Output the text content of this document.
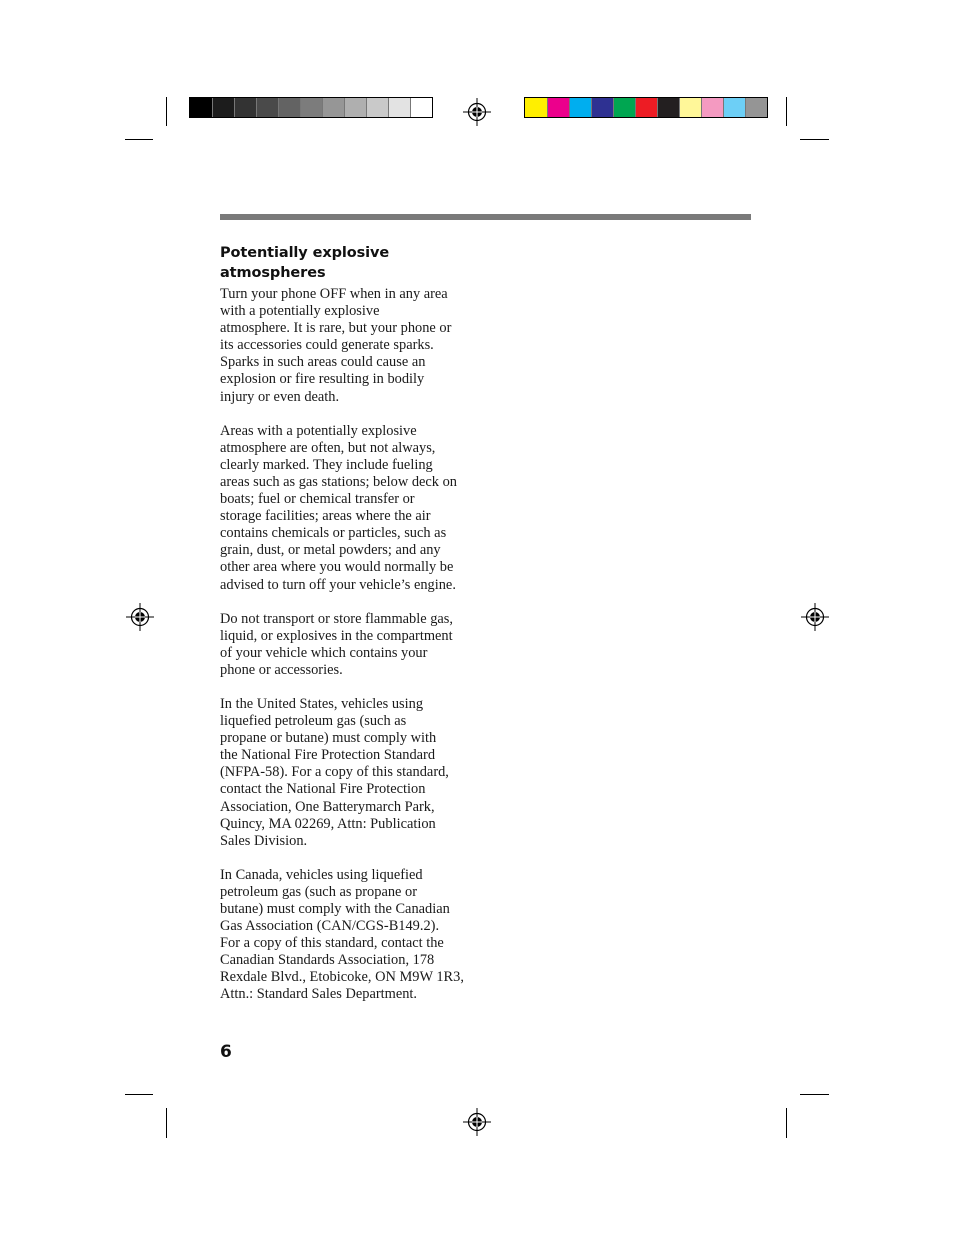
Potentially explosive atmospheres

Turn your phone OFF when in any area
with a potentially explosive
atmosphere. It is rare, but your phone or
its accessories could generate sparks.
Sparks in such areas could cause an
explosion or fire resulting in bodily
injury or even death.

Areas with a potentially explosive
atmosphere are often, but not always,
clearly marked. They include fueling
areas such as gas stations; below deck on
boats; fuel or chemical transfer or
storage facilities; areas where the air
contains chemicals or particles, such as
grain, dust, or metal powders; and any
other area where you would normally be
advised to turn off your vehicle’s engine.

Do not transport or store flammable gas,
liquid, or explosives in the compartment
of your vehicle which contains your
phone or accessories.

In the United States, vehicles using
liquefied petroleum gas (such as
propane or butane) must comply with
the National Fire Protection Standard
(NFPA-58). For a copy of this standard,
contact the National Fire Protection
Association, One Batterymarch Park,
Quincy, MA 02269, Attn: Publication
Sales Division.

In Canada, vehicles using liquefied
petroleum gas (such as propane or
butane) must comply with the Canadian
Gas Association (CAN/CGS-B149.2).
For a copy of this standard, contact the
Canadian Standards Association, 178
Rexdale Blvd., Etobicoke, ON M9W 1R3,
Attn.: Standard Sales Department.

6
